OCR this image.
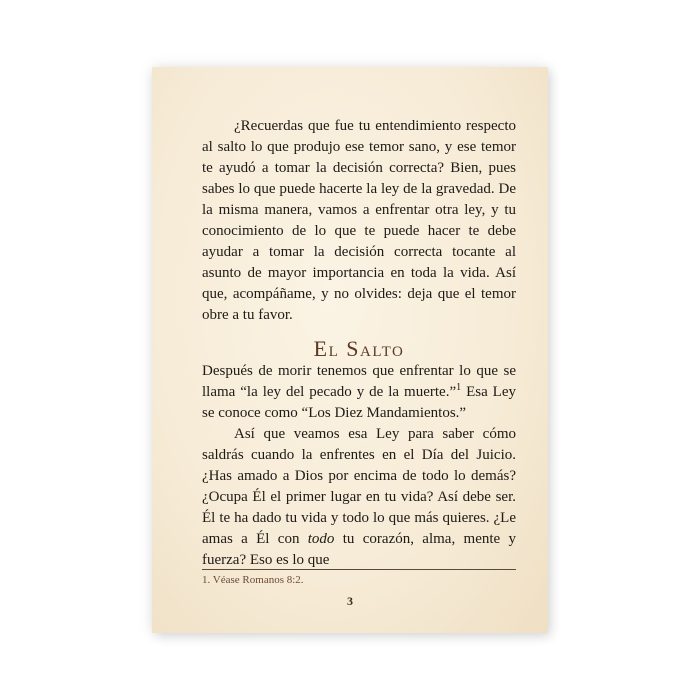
¿Recuerdas que fue tu entendimiento respecto al salto lo que produjo ese temor sano, y ese temor te ayudó a tomar la decisión correcta? Bien, pues sabes lo que puede hacerte la ley de la gravedad. De la misma manera, vamos a enfrentar otra ley, y tu conocimiento de lo que te puede hacer te debe ayudar a tomar la decisión correcta tocante al asunto de mayor importancia en toda la vida. Así que, acompáñame, y no olvides: deja que el temor obre a tu favor.

El Salto

Después de morir tenemos que enfrentar lo que se llama “la ley del pecado y de la muerte.”$^1$ Esa Ley se conoce como “Los Diez Mandamientos.”

Así que veamos esa Ley para saber cómo saldrás cuando la enfrentes en el Día del Juicio. ¿Has amado a Dios por encima de todo lo demás? ¿Ocupa Él el primer lugar en tu vida? Así debe ser. Él te ha dado tu vida y todo lo que más quieres. ¿Le amas a Él con todo tu corazón, alma, mente y fuerza? Eso es lo que

1. Véase Romanos 8:2.
3
